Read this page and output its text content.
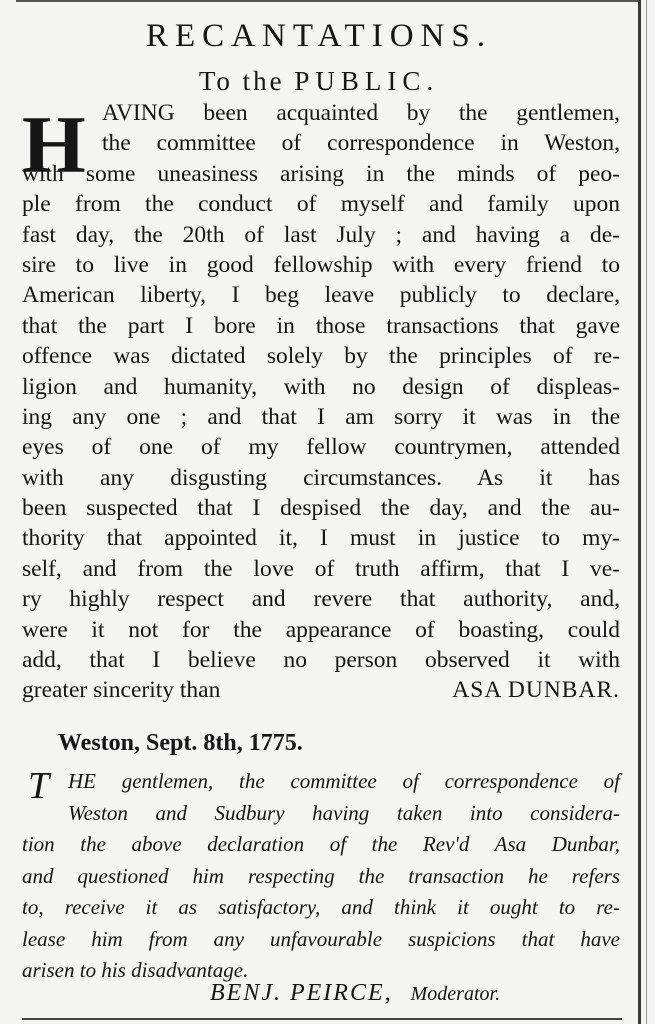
RECANTATIONS.
To the PUBLIC.
H AVING been acquainted by the gentlemen,
the committee of correspondence in Weston,
with some uneasiness arising in the minds of peo-
ple from the conduct of myself and family upon
fast day, the 20th of last July ; and having a de-
sire to live in good fellowship with every friend to
American liberty, I beg leave publicly to declare,
that the part I bore in those transactions that gave
offence was dictated solely by the principles of re-
ligion and humanity, with no design of displeas-
ing any one ; and that I am sorry it was in the
eyes of one of my fellow countrymen, attended
with any disgusting circumstances. As it has
been suspected that I despised the day, and the au-
thority that appointed it, I must in justice to my-
self, and from the love of truth affirm, that I ve-
ry highly respect and revere that authority, and,
were it not for the appearance of boasting, could
add, that I believe no person observed it with
greater sincerity than	ASA DUNBAR.
Weston, Sept. 8th, 1775.
T HE gentlemen, the committee of correspondence of
Weston and Sudbury having taken into considera-
tion the above declaration of the Rev'd Asa Dunbar,
and questioned him respecting the transaction he refers
to, receive it as satisfactory, and think it ought to re-
lease him from any unfavourable suspicions that have
arisen to his disadvantage.
BENJ. PEIRCE, Moderator.
